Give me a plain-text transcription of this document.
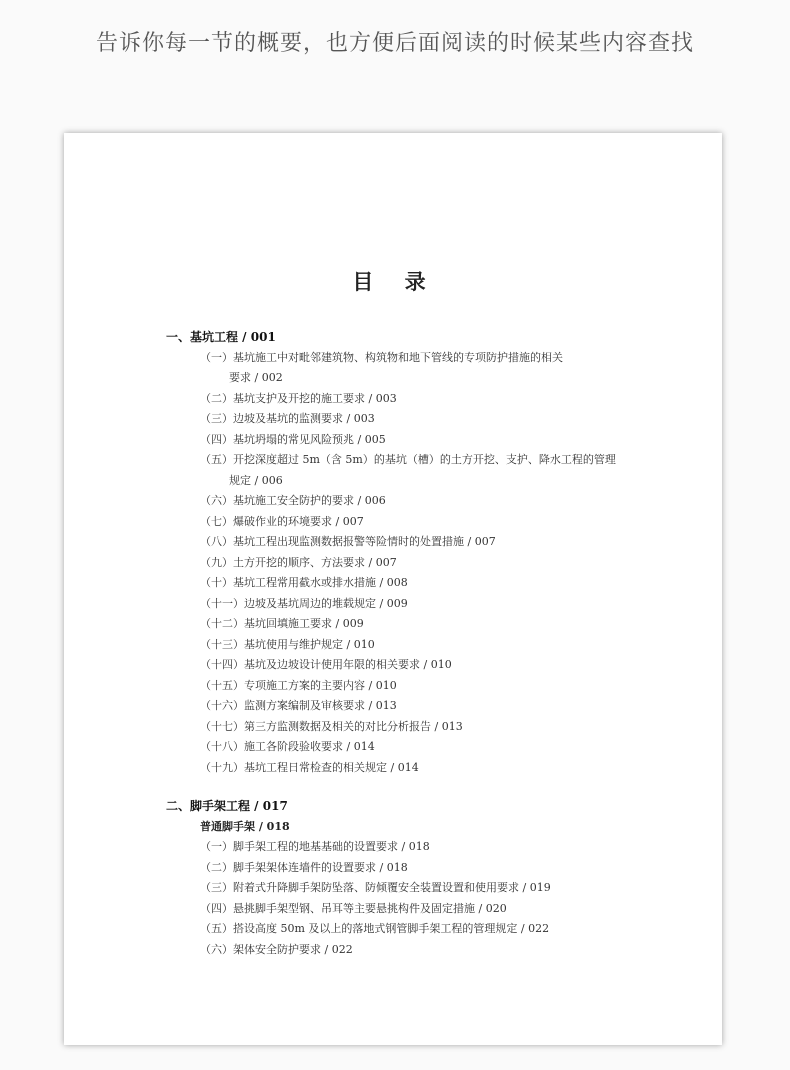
告诉你每一节的概要，也方便后面阅读的时候某些内容查找
目 录
一、基坑工程 / 001
（一）基坑施工中对毗邻建筑物、构筑物和地下管线的专项防护措施的相关
要求 / 002
（二）基坑支护及开挖的施工要求 / 003
（三）边坡及基坑的监测要求 / 003
（四）基坑坍塌的常见风险预兆 / 005
（五）开挖深度超过 5m（含 5m）的基坑（槽）的土方开挖、支护、降水工程的管理
规定 / 006
（六）基坑施工安全防护的要求 / 006
（七）爆破作业的环境要求 / 007
（八）基坑工程出现监测数据报警等险情时的处置措施 / 007
（九）土方开挖的顺序、方法要求 / 007
（十）基坑工程常用截水或排水措施 / 008
（十一）边坡及基坑周边的堆载规定 / 009
（十二）基坑回填施工要求 / 009
（十三）基坑使用与维护规定 / 010
（十四）基坑及边坡设计使用年限的相关要求 / 010
（十五）专项施工方案的主要内容 / 010
（十六）监测方案编制及审核要求 / 013
（十七）第三方监测数据及相关的对比分析报告 / 013
（十八）施工各阶段验收要求 / 014
（十九）基坑工程日常检查的相关规定 / 014
二、脚手架工程 / 017
普通脚手架 / 018
（一）脚手架工程的地基基础的设置要求 / 018
（二）脚手架架体连墙件的设置要求 / 018
（三）附着式升降脚手架防坠落、防倾覆安全装置设置和使用要求 / 019
（四）悬挑脚手架型钢、吊耳等主要悬挑构件及固定措施 / 020
（五）搭设高度 50m 及以上的落地式钢管脚手架工程的管理规定 / 022
（六）架体安全防护要求 / 022
